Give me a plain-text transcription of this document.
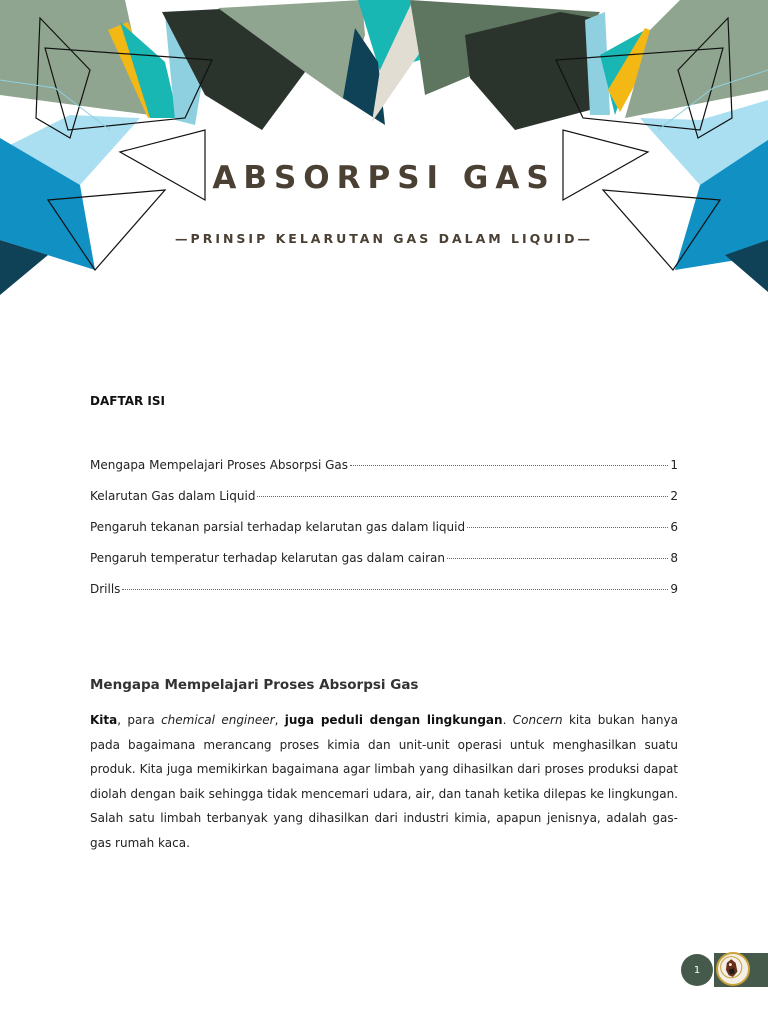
ABSORPSI GAS
—PRINSIP KELARUTAN GAS DALAM LIQUID—
DAFTAR ISI
Mengapa Mempelajari Proses Absorpsi Gas	1
Kelarutan Gas dalam Liquid	2
Pengaruh tekanan parsial terhadap kelarutan gas dalam liquid	6
Pengaruh temperatur terhadap kelarutan gas dalam cairan	8
Drills	9
Mengapa Mempelajari Proses Absorpsi Gas

Kita, para chemical engineer, juga peduli dengan lingkungan. Concern kita bukan hanya pada bagaimana merancang proses kimia dan unit-unit operasi untuk menghasilkan suatu produk. Kita juga memikirkan bagaimana agar limbah yang dihasilkan dari proses produksi dapat diolah dengan baik sehingga tidak mencemari udara, air, dan tanah ketika dilepas ke lingkungan. Salah satu limbah terbanyak yang dihasilkan dari industri kimia, apapun jenisnya, adalah gas-gas rumah kaca.

1
